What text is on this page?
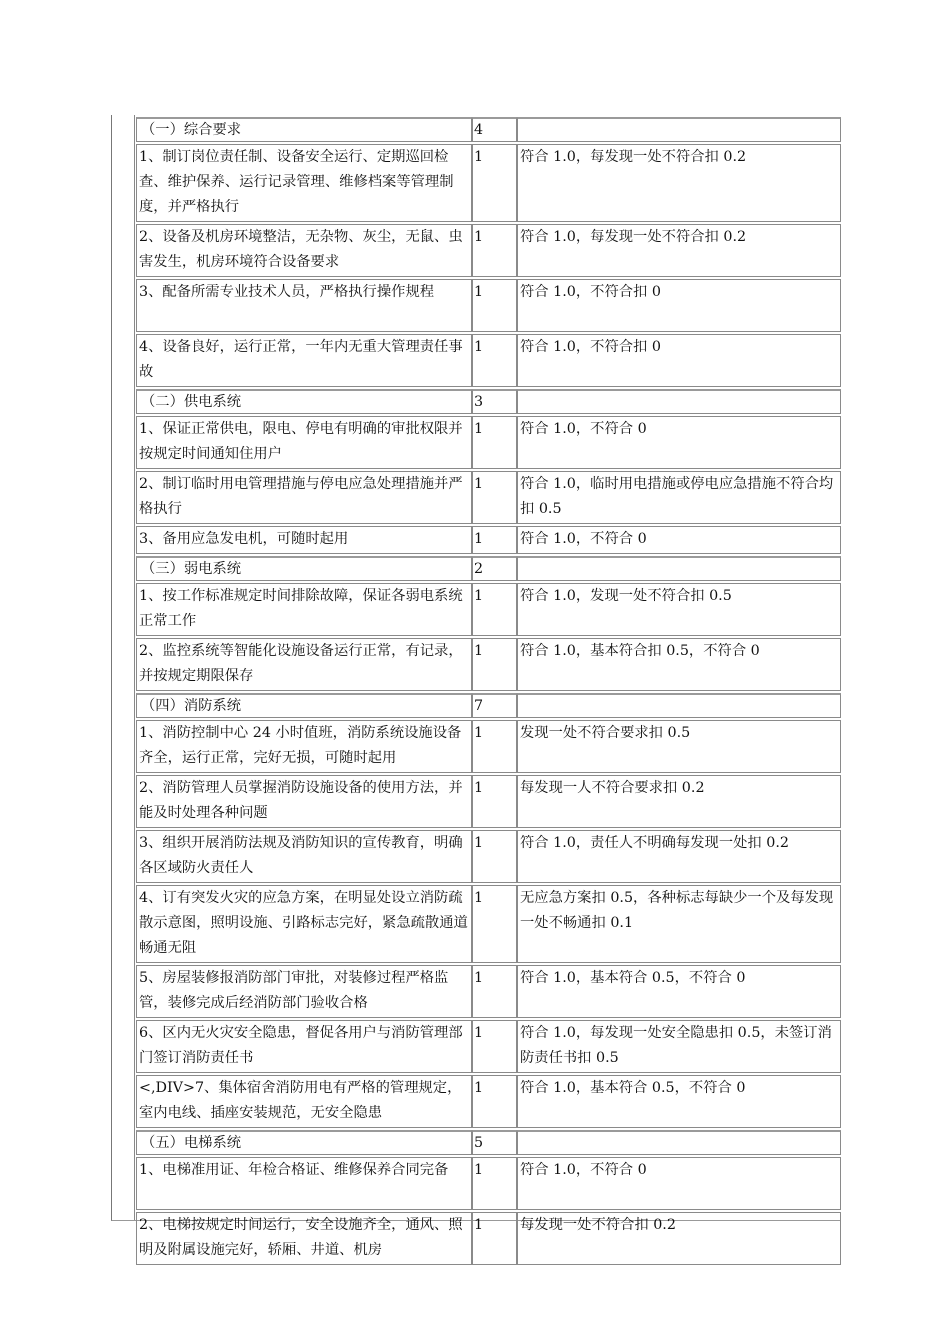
（一）综合要求	4	
1、制订岗位责任制、设备安全运行、定期巡回检查、维护保养、运行记录管理、维修档案等管理制度，并严格执行	1	符合 1.0，每发现一处不符合扣 0.2
2、设备及机房环境整洁，无杂物、灰尘，无鼠、虫害发生，机房环境符合设备要求	1	符合 1.0，每发现一处不符合扣 0.2
3、配备所需专业技术人员，严格执行操作规程	1	符合 1.0，不符合扣 0
4、设备良好，运行正常，一年内无重大管理责任事故	1	符合 1.0，不符合扣 0
（二）供电系统	3	
1、保证正常供电，限电、停电有明确的审批权限并按规定时间通知住用户	1	符合 1.0，不符合 0
2、制订临时用电管理措施与停电应急处理措施并严格执行	1	符合 1.0，临时用电措施或停电应急措施不符合均扣 0.5
3、备用应急发电机，可随时起用	1	符合 1.0，不符合 0
（三）弱电系统	2	
1、按工作标准规定时间排除故障，保证各弱电系统正常工作	1	符合 1.0，发现一处不符合扣 0.5
2、监控系统等智能化设施设备运行正常，有记录，并按规定期限保存	1	符合 1.0，基本符合扣 0.5，不符合 0
（四）消防系统	7	
1、消防控制中心 24 小时值班，消防系统设施设备齐全，运行正常，完好无损，可随时起用	1	发现一处不符合要求扣 0.5
2、消防管理人员掌握消防设施设备的使用方法，并能及时处理各种问题	1	每发现一人不符合要求扣 0.2
3、组织开展消防法规及消防知识的宣传教育，明确各区域防火责任人	1	符合 1.0，责任人不明确每发现一处扣 0.2
4、订有突发火灾的应急方案，在明显处设立消防疏散示意图，照明设施、引路标志完好，紧急疏散通道畅通无阻	1	无应急方案扣 0.5，各种标志每缺少一个及每发现一处不畅通扣 0.1
5、房屋装修报消防部门审批，对装修过程严格监管，装修完成后经消防部门验收合格	1	符合 1.0，基本符合 0.5，不符合 0
6、区内无火灾安全隐患，督促各用户与消防管理部门签订消防责任书	1	符合 1.0，每发现一处安全隐患扣 0.5，未签订消防责任书扣 0.5
<,DIV>7、集体宿舍消防用电有严格的管理规定，室内电线、插座安装规范，无安全隐患	1	符合 1.0，基本符合 0.5，不符合 0
（五）电梯系统	5	
1、电梯准用证、年检合格证、维修保养合同完备	1	符合 1.0，不符合 0
2、电梯按规定时间运行，安全设施齐全，通风、照明及附属设施完好，轿厢、井道、机房	1	每发现一处不符合扣 0.2
